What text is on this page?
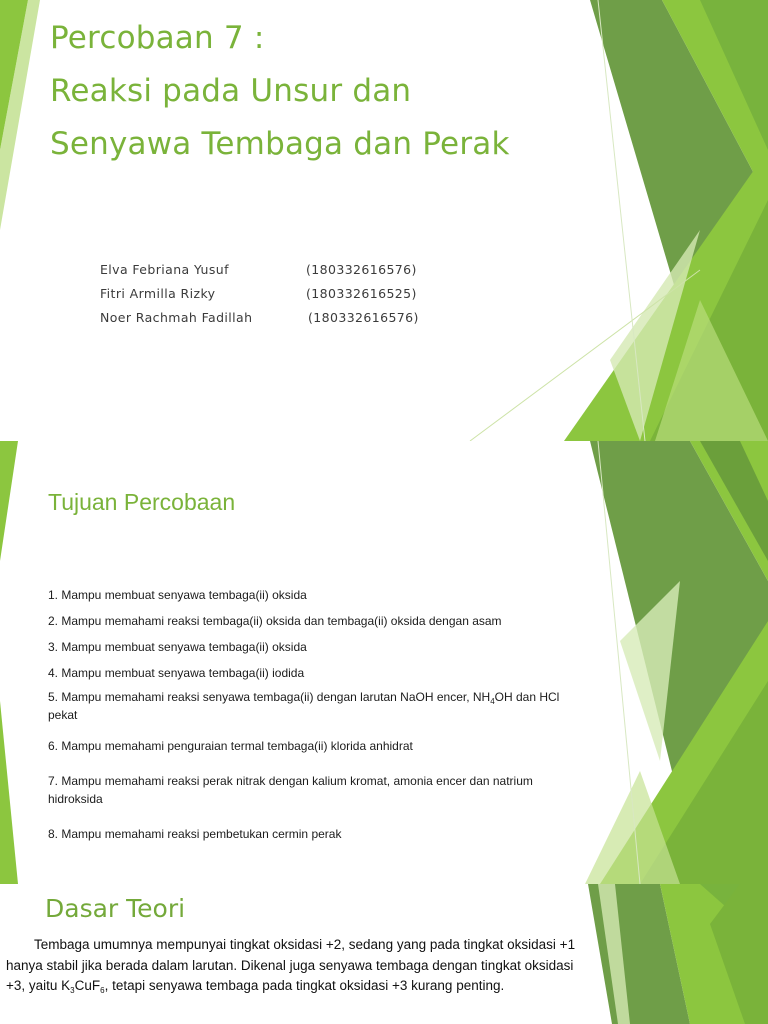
Percobaan 7 :
Reaksi pada Unsur dan
Senyawa Tembaga dan Perak
Elva Febriana Yusuf	(180332616576)
Fitri Armilla Rizky	(180332616525)
Noer Rachmah Fadillah	(180332616576)
Tujuan Percobaan
1. Mampu membuat senyawa tembaga(ii) oksida
2. Mampu memahami reaksi tembaga(ii) oksida dan tembaga(ii) oksida dengan asam
3. Mampu membuat senyawa tembaga(ii) oksida
4. Mampu membuat senyawa tembaga(ii) iodida
5. Mampu memahami reaksi senyawa tembaga(ii) dengan larutan NaOH encer, $NH_4OH$ dan HCl pekat
6. Mampu memahami penguraian termal tembaga(ii) klorida anhidrat
7. Mampu memahami reaksi perak nitrak dengan kalium kromat, amonia encer dan natrium hidroksida
8. Mampu memahami reaksi pembetukan cermin perak
Dasar Teori

Tembaga umumnya mempunyai tingkat oksidasi +2, sedang yang pada tingkat oksidasi +1 hanya stabil jika berada dalam larutan. Dikenal juga senyawa tembaga dengan tingkat oksidasi +3, yaitu $K_3CuF_6$, tetapi senyawa tembaga pada tingkat oksidasi +3 kurang penting.
